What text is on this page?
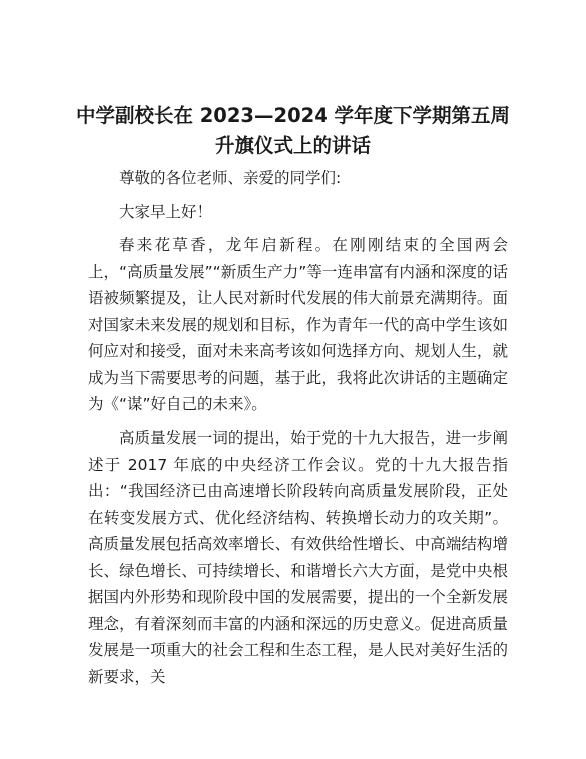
中学副校长在 2023—2024 学年度下学期第五周
升旗仪式上的讲话

尊敬的各位老师、亲爱的同学们:

大家早上好！

春来花草香，龙年启新程。在刚刚结束的全国两会上，“高质量发展”“新质生产力”等一连串富有内涵和深度的话语被频繁提及，让人民对新时代发展的伟大前景充满期待。面对国家未来发展的规划和目标，作为青年一代的高中学生该如何应对和接受，面对未来高考该如何选择方向、规划人生，就成为当下需要思考的问题，基于此，我将此次讲话的主题确定为《“谋”好自己的未来》。

高质量发展一词的提出，始于党的十九大报告，进一步阐述于 2017 年底的中央经济工作会议。党的十九大报告指出：“我国经济已由高速增长阶段转向高质量发展阶段，正处在转变发展方式、优化经济结构、转换增长动力的攻关期”。高质量发展包括高效率增长、有效供给性增长、中高端结构增长、绿色增长、可持续增长、和谐增长六大方面，是党中央根据国内外形势和现阶段中国的发展需要，提出的一个全新发展理念，有着深刻而丰富的内涵和深远的历史意义。促进高质量发展是一项重大的社会工程和生态工程，是人民对美好生活的新要求，关
